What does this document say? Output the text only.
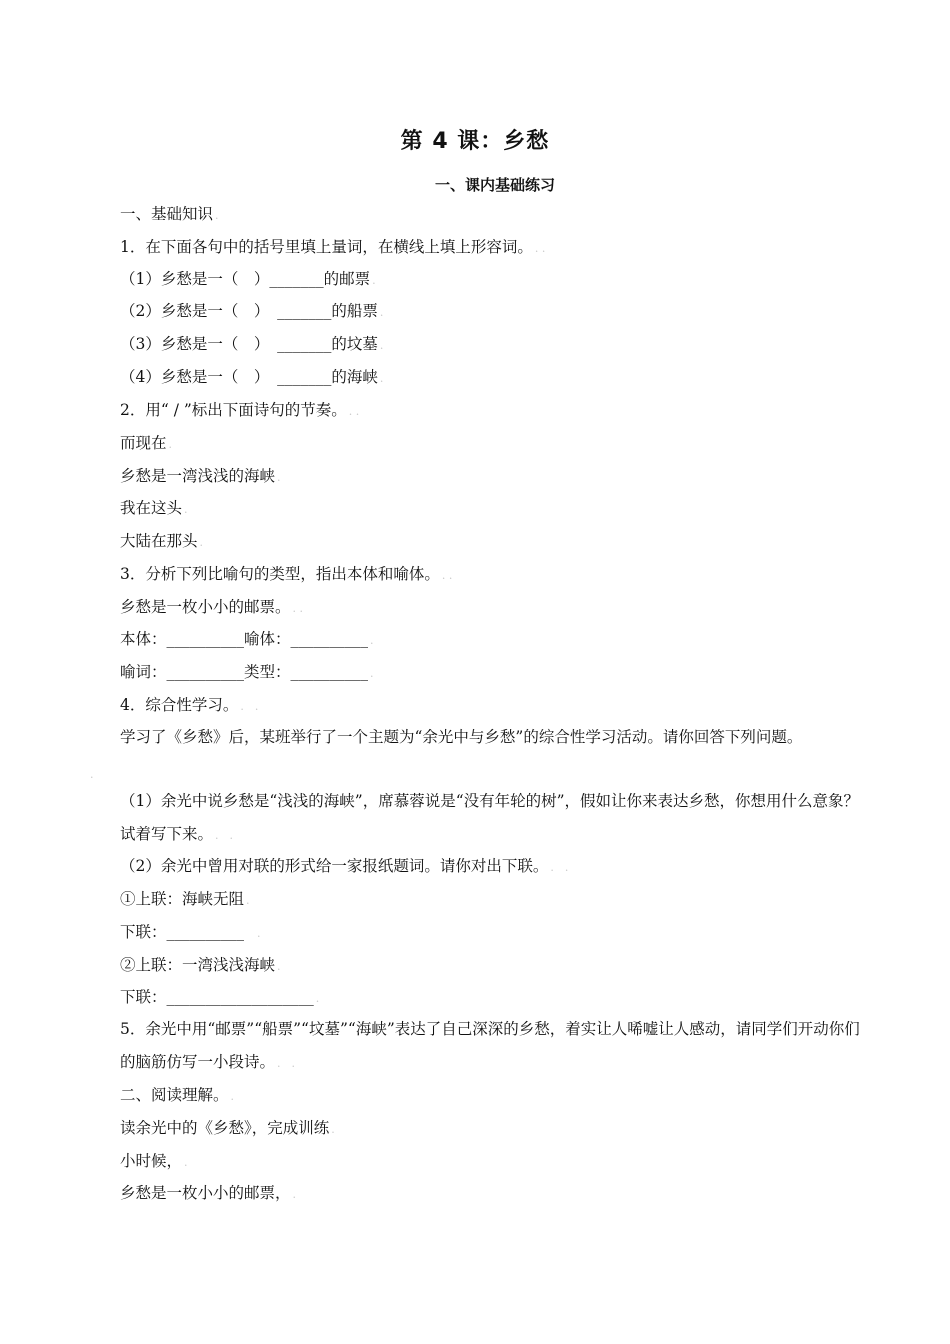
第 4 课：乡愁
一、课内基础练习
一、基础知识 .
1．在下面各句中的括号里填上量词，在横线上填上形容词。 . .
（1）乡愁是一（　）_______的邮票 .
（2）乡愁是一（　）　_______的船票 .
（3）乡愁是一（　）　_______的坟墓 .
（4）乡愁是一（　）　_______的海峡 .
2．用“ / ”标出下面诗句的节奏。 . .
而现在 .
乡愁是一湾浅浅的海峡 .
我在这头 .
大陆在那头 .
3．分析下列比喻句的类型，指出本体和喻体。 . .
乡愁是一枚小小的邮票。 . .
本体：__________喻体：__________ .
喻词：__________类型：__________ .
4．综合性学习。 .　.
学习了《乡愁》后，某班举行了一个主题为“余光中与乡愁”的综合性学习活动。请你回答下列问题。
.
（1）余光中说乡愁是“浅浅的海峡”，席慕蓉说是“没有年轮的树”，假如让你来表达乡愁，你想用什么意象？试着写下来。 .　.
（2）余光中曾用对联的形式给一家报纸题词。请你对出下联。 .　.
①上联：海峡无阻 .
下联：__________　.
②上联：一湾浅浅海峡 .
下联：___________________ .
5．余光中用“邮票”“船票”“坟墓”“海峡”表达了自己深深的乡愁，着实让人唏嘘让人感动，请同学们开动你们的脑筋仿写一小段诗。 .　.
二、阅读理解。 .
读余光中的《乡愁》，完成训练 .
小时候， .
乡愁是一枚小小的邮票， .
